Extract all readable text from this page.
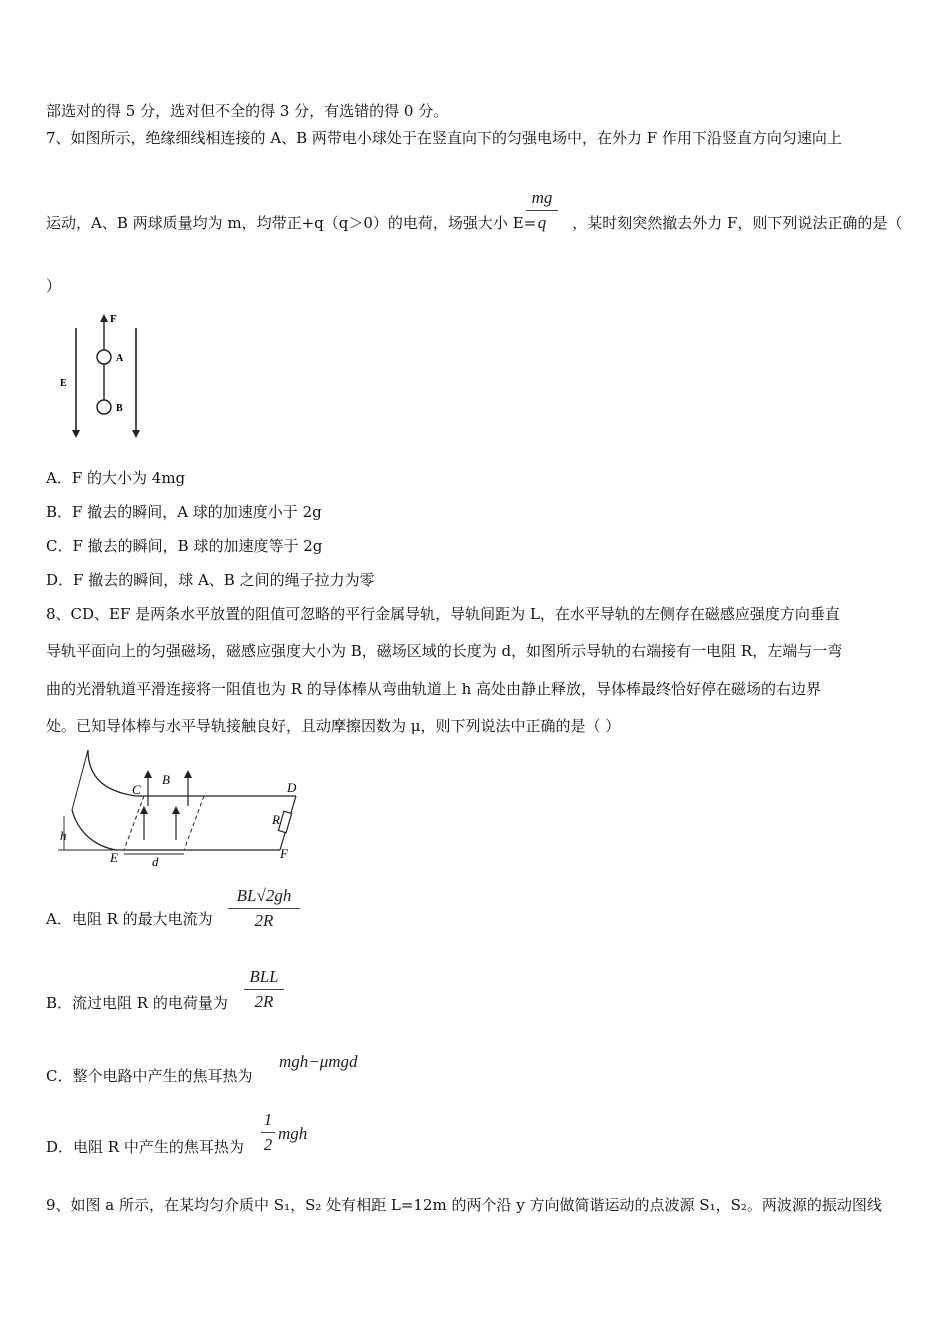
部选对的得 5 分，选对但不全的得 3 分，有选错的得 0 分。
7、如图所示，绝缘细线相连接的 A、B 两带电小球处于在竖直向下的匀强电场中，在外力 F 作用下沿竖直方向匀速向上
运动，A、B 两球质量均为 m，均带正+q（q＞0）的电荷，场强大小 E= ，某时刻突然撤去外力 F，则下列说法正确的是（
mg
q
）
F
A
B
E
A．F 的大小为 4mg
B．F 撤去的瞬间，A 球的加速度小于 2g
C．F 撤去的瞬间，B 球的加速度等于 2g
D．F 撤去的瞬间，球 A、B 之间的绳子拉力为零
8、CD、EF 是两条水平放置的阻值可忽略的平行金属导轨，导轨间距为 L，在水平导轨的左侧存在磁感应强度方向垂直
导轨平面向上的匀强磁场，磁感应强度大小为 B，磁场区域的长度为 d，如图所示导轨的右端接有一电阻 R，左端与一弯
曲的光滑轨道平滑连接将一阻值也为 R 的导体棒从弯曲轨道上 h 高处由静止释放，导体棒最终恰好停在磁场的右边界
处。已知导体棒与水平导轨接触良好，且动摩擦因数为 μ，则下列说法中正确的是（ ）
C
B
D
R
E	F
h
d
A．电阻 R 的最大电流为
BL√2gh
2R
B．流过电阻 R 的电荷量为
BLL
2R
C．整个电路中产生的焦耳热为
mgh−μmgd
D．电阻 R 中产生的焦耳热为
1
2
mgh
9、如图 a 所示，在某均匀介质中 S₁，S₂ 处有相距 L=12m 的两个沿 y 方向做简谐运动的点波源 S₁，S₂。两波源的振动图线
